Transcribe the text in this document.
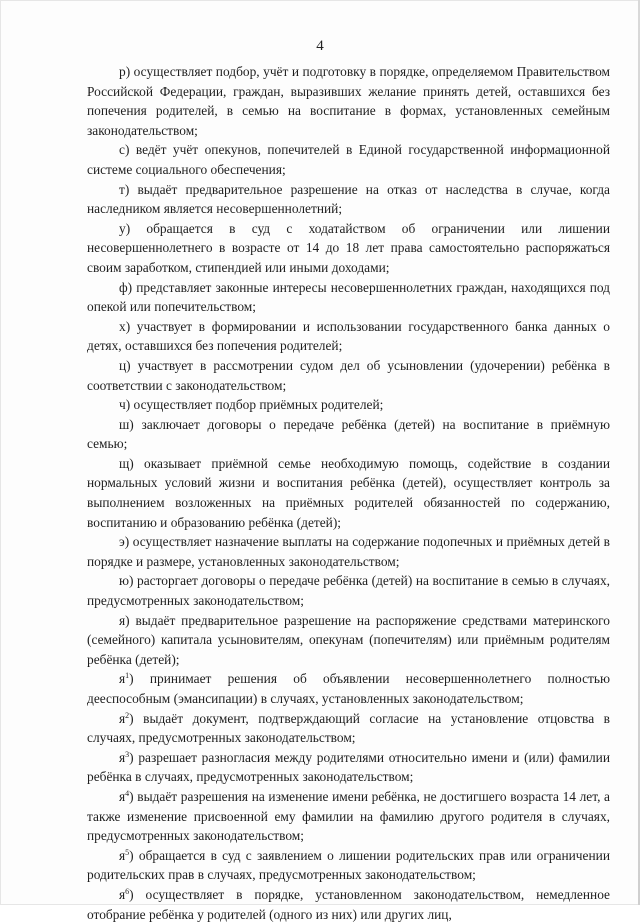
4

р) осуществляет подбор, учёт и подготовку в порядке, определяемом Правительством Российской Федерации, граждан, выразивших желание принять детей, оставшихся без попечения родителей, в семью на воспитание в формах, установленных семейным законодательством;

с) ведёт учёт опекунов, попечителей в Единой государственной информационной системе социального обеспечения;

т) выдаёт предварительное разрешение на отказ от наследства в случае, когда наследником является несовершеннолетний;

у) обращается в суд с ходатайством об ограничении или лишении несовершеннолетнего в возрасте от 14 до 18 лет права самостоятельно распоряжаться своим заработком, стипендией или иными доходами;

ф) представляет законные интересы несовершеннолетних граждан, находящихся под опекой или попечительством;

х) участвует в формировании и использовании государственного банка данных о детях, оставшихся без попечения родителей;

ц) участвует в рассмотрении судом дел об усыновлении (удочерении) ребёнка в соответствии с законодательством;

ч) осуществляет подбор приёмных родителей;

ш) заключает договоры о передаче ребёнка (детей) на воспитание в приёмную семью;

щ) оказывает приёмной семье необходимую помощь, содействие в создании нормальных условий жизни и воспитания ребёнка (детей), осуществляет контроль за выполнением возложенных на приёмных родителей обязанностей по содержанию, воспитанию и образованию ребёнка (детей);

э) осуществляет назначение выплаты на содержание подопечных и приёмных детей в порядке и размере, установленных законодательством;

ю) расторгает договоры о передаче ребёнка (детей) на воспитание в семью в случаях, предусмотренных законодательством;

я) выдаёт предварительное разрешение на распоряжение средствами материнского (семейного) капитала усыновителям, опекунам (попечителям) или приёмным родителям ребёнка (детей);

$я^1$) принимает решения об объявлении несовершеннолетнего полностью дееспособным (эмансипации) в случаях, установленных законодательством;

$я^2$) выдаёт документ, подтверждающий согласие на установление отцовства в случаях, предусмотренных законодательством;

$я^3$) разрешает разногласия между родителями относительно имени и (или) фамилии ребёнка в случаях, предусмотренных законодательством;

$я^4$) выдаёт разрешения на изменение имени ребёнка, не достигшего возраста 14 лет, а также изменение присвоенной ему фамилии на фамилию другого родителя в случаях, предусмотренных законодательством;

$я^5$) обращается в суд с заявлением о лишении родительских прав или ограничении родительских прав в случаях, предусмотренных законодательством;

$я^6$) осуществляет в порядке, установленном законодательством, немедленное отобрание ребёнка у родителей (одного из них) или других лиц,
